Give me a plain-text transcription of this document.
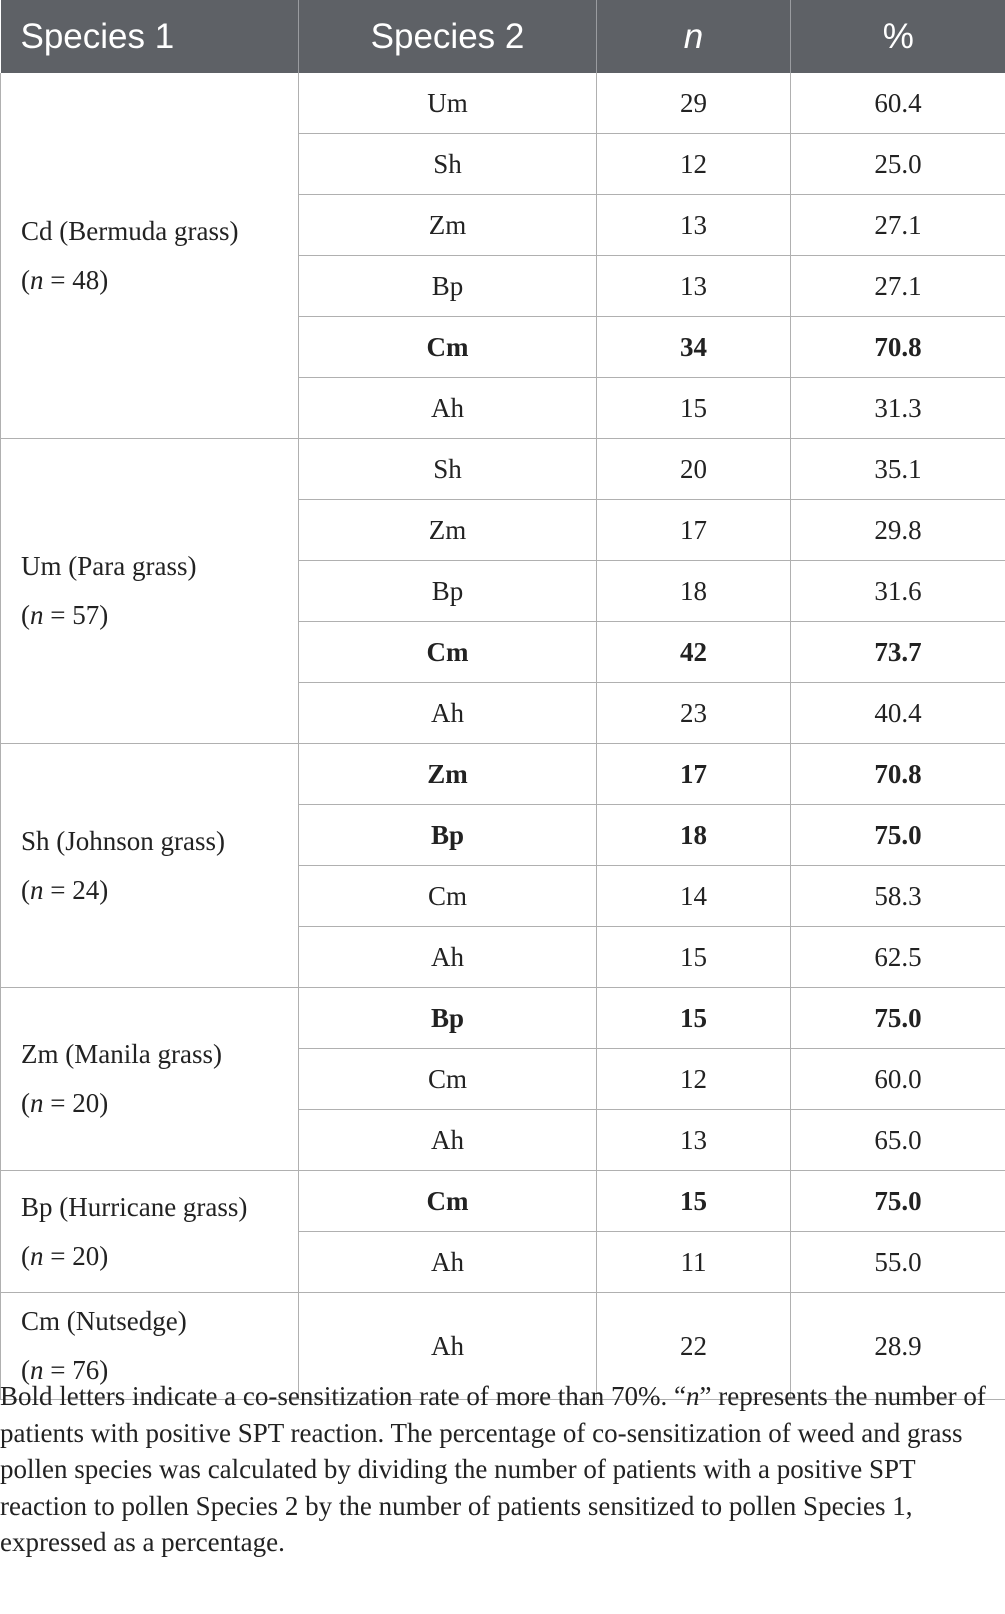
Species 1	Species 2	n	%
Cd (Bermuda grass)
(n = 48)	Um	29	60.4
	Sh	12	25.0
	Zm	13	27.1
	Bp	13	27.1
	Cm	34	70.8
	Ah	15	31.3
Um (Para grass)
(n = 57)	Sh	20	35.1
	Zm	17	29.8
	Bp	18	31.6
	Cm	42	73.7
	Ah	23	40.4
Sh (Johnson grass)
(n = 24)	Zm	17	70.8
	Bp	18	75.0
	Cm	14	58.3
	Ah	15	62.5
Zm (Manila grass)
(n = 20)	Bp	15	75.0
	Cm	12	60.0
	Ah	13	65.0
Bp (Hurricane grass)
(n = 20)	Cm	15	75.0
	Ah	11	55.0
Cm (Nutsedge)
(n = 76)	Ah	22	28.9

Bold letters indicate a co-sensitization rate of more than 70%. “n” represents the number of patients with positive SPT reaction. The percentage of co-sensitization of weed and grass pollen species was calculated by dividing the number of patients with a positive SPT reaction to pollen Species 2 by the number of patients sensitized to pollen Species 1, expressed as a percentage.
